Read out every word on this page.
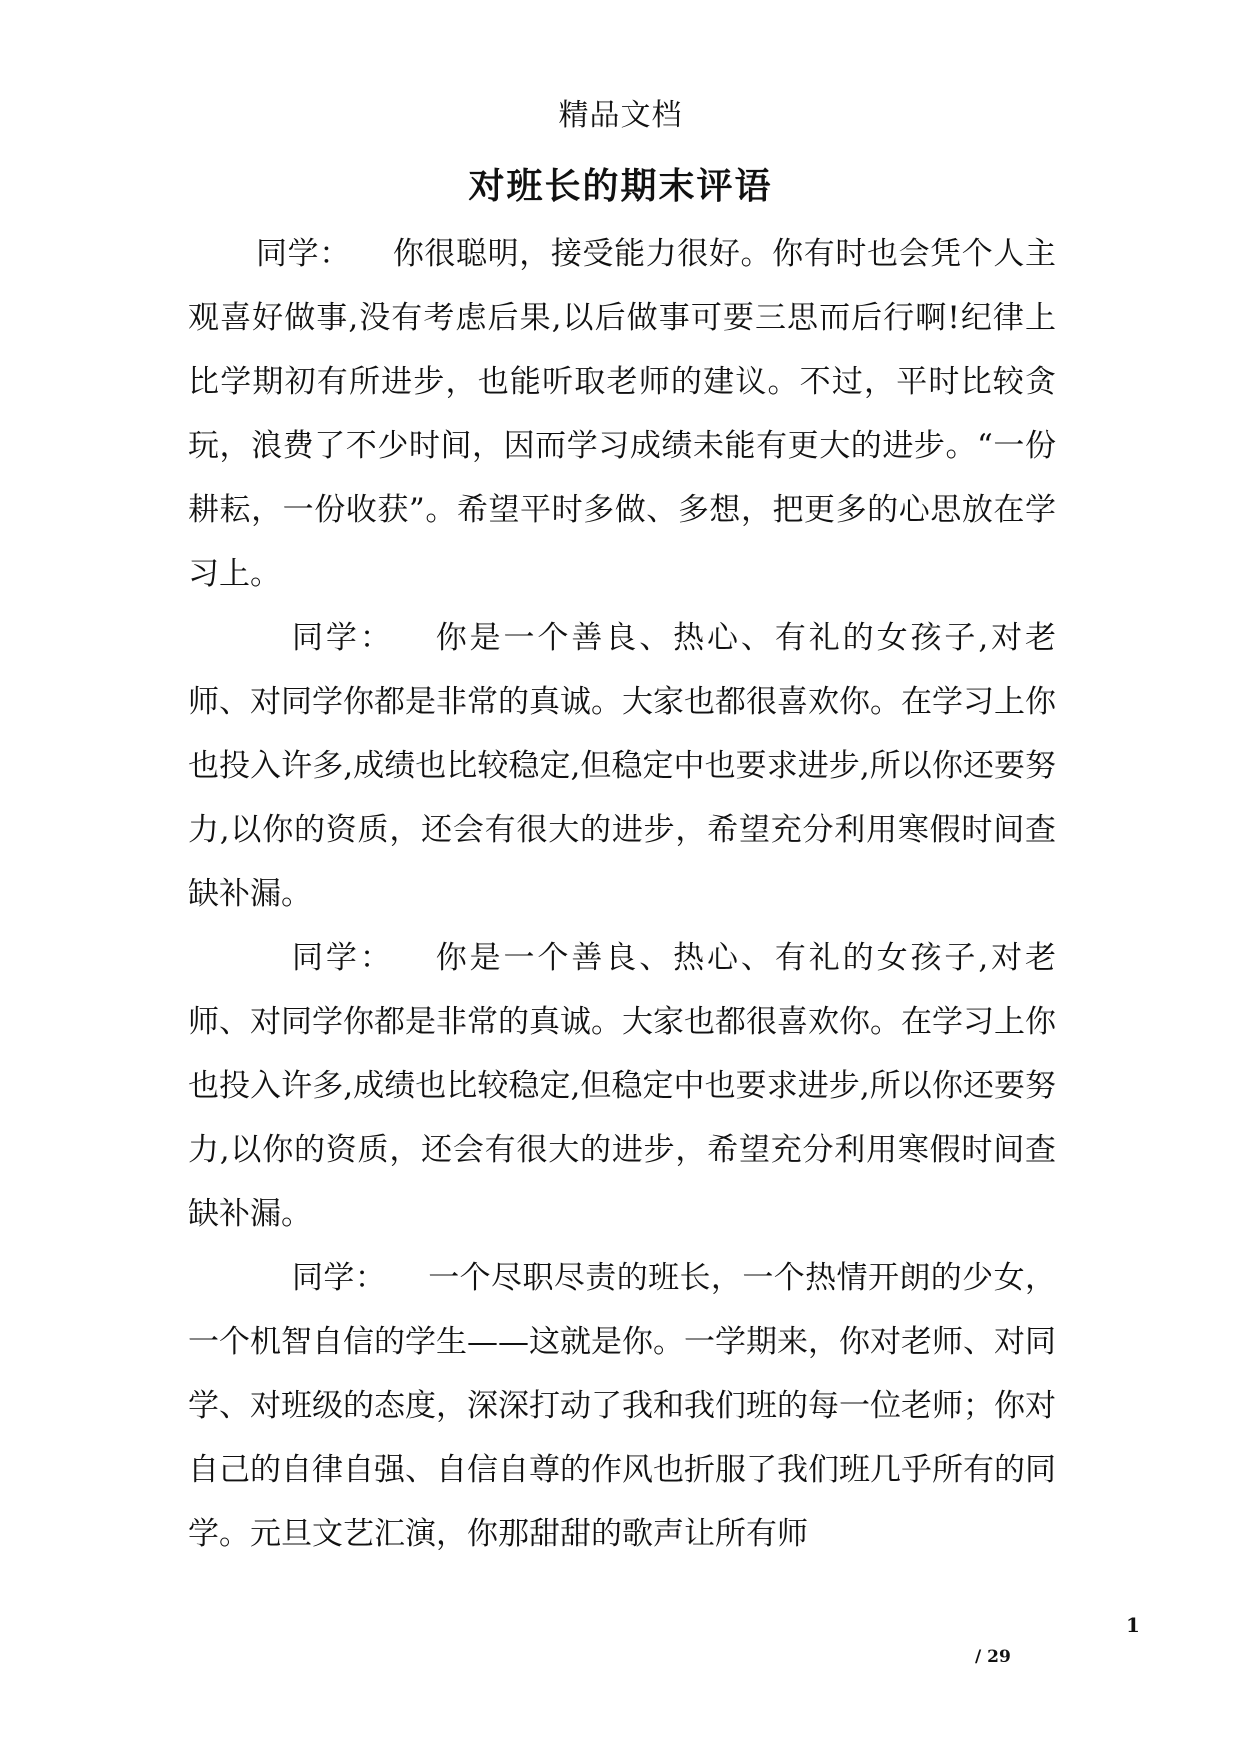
精品文档
对班长的期末评语

同学： 你很聪明，接受能力很好。你有时也会凭个人主观喜好做事,没有考虑后果,以后做事可要三思而后行啊!纪律上比学期初有所进步，也能听取老师的建议。不过，平时比较贪玩，浪费了不少时间，因而学习成绩未能有更大的进步。“一份耕耘，一份收获”。希望平时多做、多想，把更多的心思放在学习上。

同学： 你是一个善良、热心、有礼的女孩子,对老师、对同学你都是非常的真诚。大家也都很喜欢你。在学习上你也投入许多,成绩也比较稳定,但稳定中也要求进步,所以你还要努力,以你的资质，还会有很大的进步，希望充分利用寒假时间查缺补漏。

同学： 你是一个善良、热心、有礼的女孩子,对老师、对同学你都是非常的真诚。大家也都很喜欢你。在学习上你也投入许多,成绩也比较稳定,但稳定中也要求进步,所以你还要努力,以你的资质，还会有很大的进步，希望充分利用寒假时间查缺补漏。

同学： 一个尽职尽责的班长，一个热情开朗的少女，一个机智自信的学生——这就是你。一学期来，你对老师、对同学、对班级的态度，深深打动了我和我们班的每一位老师；你对自己的自律自强、自信自尊的作风也折服了我们班几乎所有的同学。元旦文艺汇演，你那甜甜的歌声让所有师

1
/ 29
